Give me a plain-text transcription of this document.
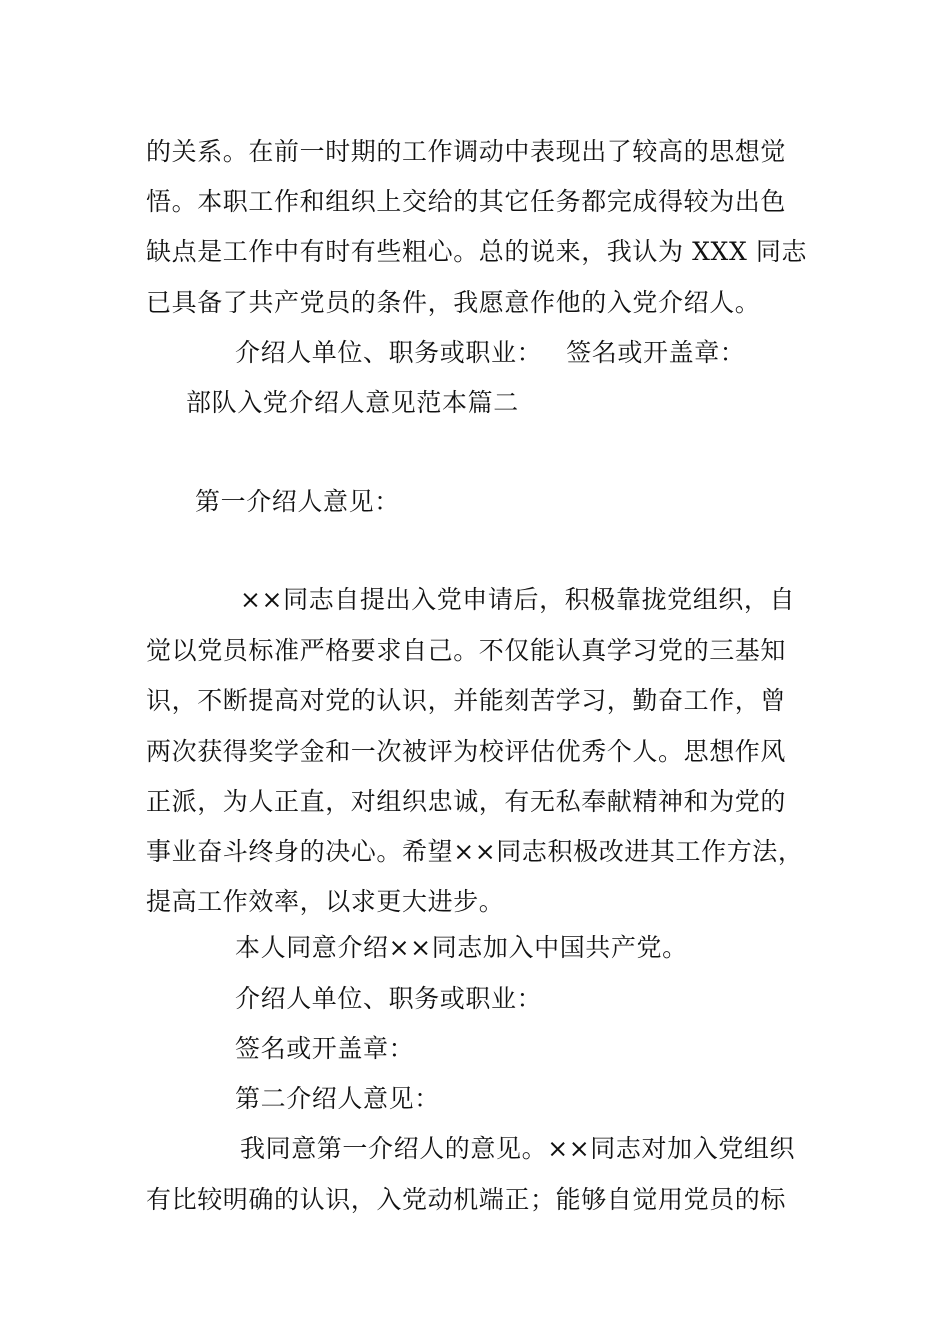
的关系。在前一时期的工作调动中表现出了较高的思想觉
悟。本职工作和组织上交给的其它任务都完成得较为出色
缺点是工作中有时有些粗心。总的说来，我认为 XXX 同志
已具备了共产党员的条件，我愿意作他的入党介绍人。
介绍人单位、职务或职业： 签名或开盖章：
部队入党介绍人意见范本篇二
第一介绍人意见：
××同志自提出入党申请后，积极靠拢党组织，自
觉以党员标准严格要求自己。不仅能认真学习党的三基知
识，不断提高对党的认识，并能刻苦学习，勤奋工作，曾
两次获得奖学金和一次被评为校评估优秀个人。思想作风
正派，为人正直，对组织忠诚，有无私奉献精神和为党的
事业奋斗终身的决心。希望××同志积极改进其工作方法，
提高工作效率，以求更大进步。
本人同意介绍××同志加入中国共产党。
介绍人单位、职务或职业：
签名或开盖章：
第二介绍人意见：
我同意第一介绍人的意见。××同志对加入党组织
有比较明确的认识，入党动机端正；能够自觉用党员的标
